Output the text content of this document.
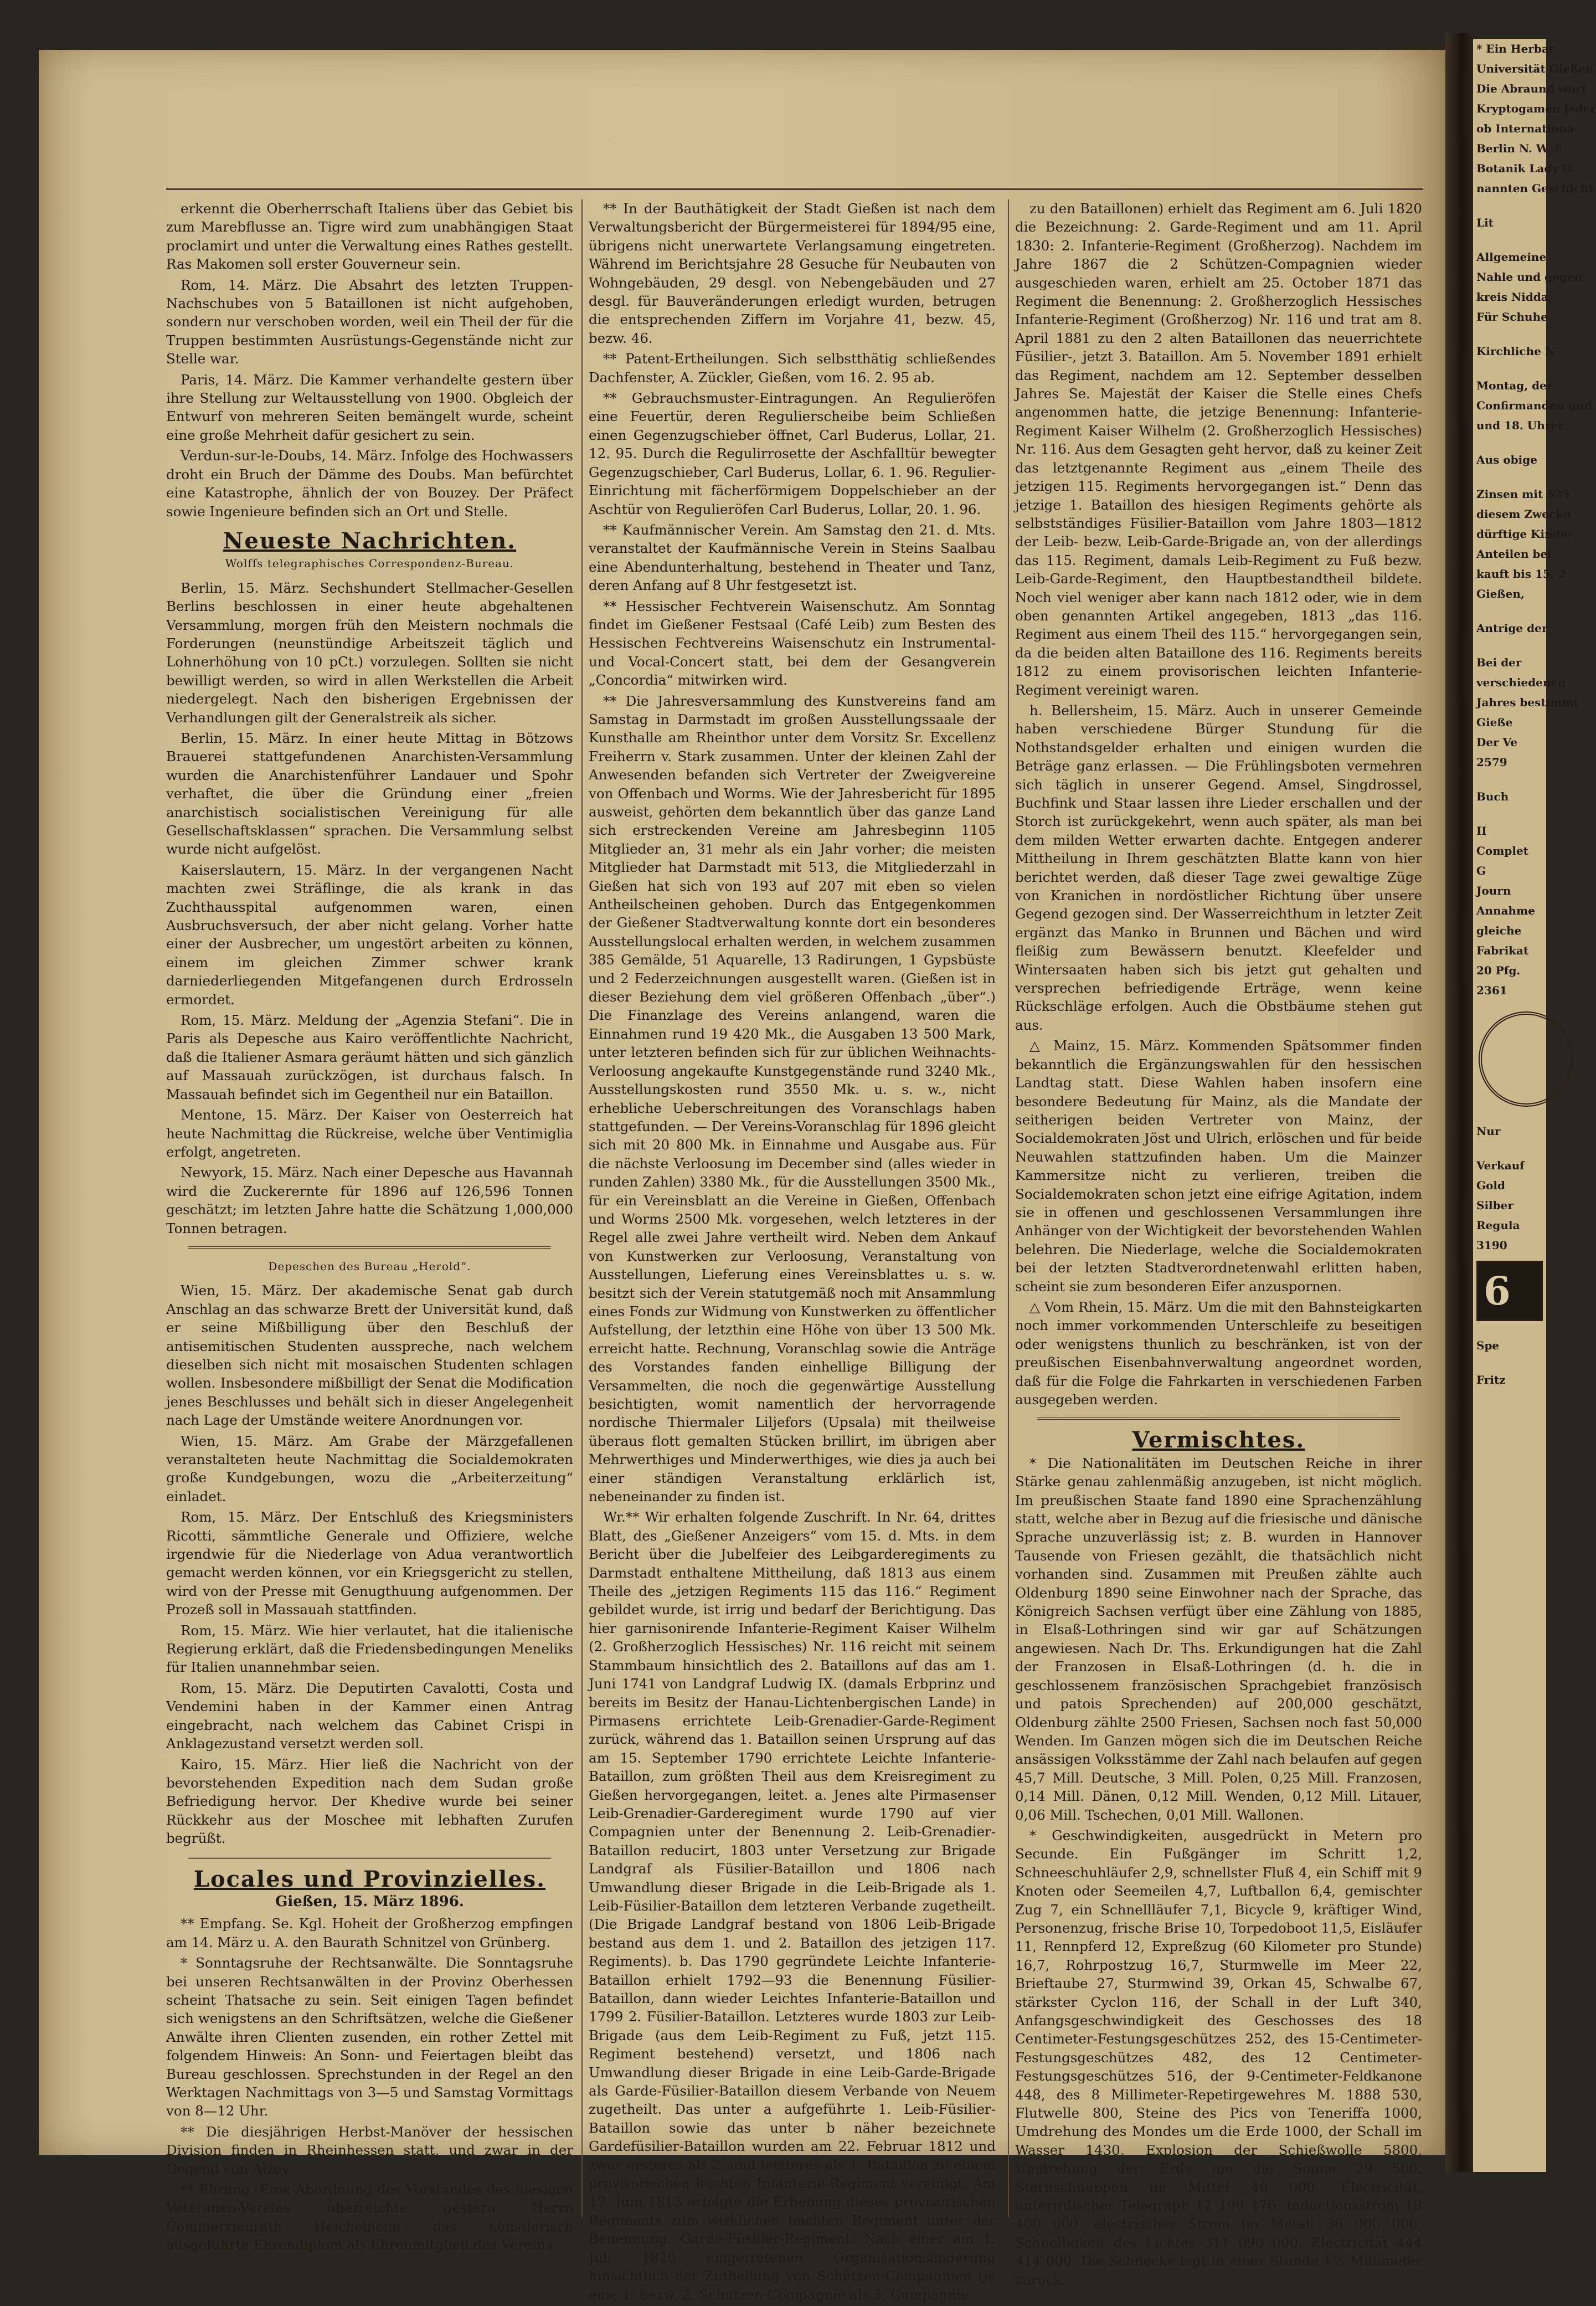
erkennt die Oberherrschaft Italiens über das Gebiet bis zum Marebflusse an. Tigre wird zum unabhängigen Staat proclamirt und unter die Verwaltung eines Rathes gestellt. Ras Makomen soll erster Gouverneur sein.

Rom, 14. März. Die Absahrt des letzten Truppen-Nachschubes von 5 Bataillonen ist nicht aufgehoben, sondern nur verschoben worden, weil ein Theil der für die Truppen bestimmten Ausrüstungs-Gegenstände nicht zur Stelle war.

Paris, 14. März. Die Kammer verhandelte gestern über ihre Stellung zur Weltausstellung von 1900. Obgleich der Entwurf von mehreren Seiten bemängelt wurde, scheint eine große Mehrheit dafür gesichert zu sein.

Verdun-sur-le-Doubs, 14. März. Infolge des Hochwassers droht ein Bruch der Dämme des Doubs. Man befürchtet eine Katastrophe, ähnlich der von Bouzey. Der Präfect sowie Ingenieure befinden sich an Ort und Stelle.

Neueste Nachrichten.
Wolffs telegraphisches Correspondenz-Bureau.

Berlin, 15. März. Sechshundert Stellmacher-Gesellen Berlins beschlossen in einer heute abgehaltenen Versammlung, morgen früh den Meistern nochmals die Forderungen (neunstündige Arbeitszeit täglich und Lohnerhöhung von 10 pCt.) vorzulegen. Sollten sie nicht bewilligt werden, so wird in allen Werkstellen die Arbeit niedergelegt. Nach den bisherigen Ergebnissen der Verhandlungen gilt der Generalstreik als sicher.

Berlin, 15. März. In einer heute Mittag in Bötzows Brauerei stattgefundenen Anarchisten-Versammlung wurden die Anarchistenführer Landauer und Spohr verhaftet, die über die Gründung einer „freien anarchistisch socialistischen Vereinigung für alle Gesellschaftsklassen“ sprachen. Die Versammlung selbst wurde nicht aufgelöst.

Kaiserslautern, 15. März. In der vergangenen Nacht machten zwei Sträflinge, die als krank in das Zuchthausspital aufgenommen waren, einen Ausbruchsversuch, der aber nicht gelang. Vorher hatte einer der Ausbrecher, um ungestört arbeiten zu können, einem im gleichen Zimmer schwer krank darniederliegenden Mitgefangenen durch Erdrosseln ermordet.

Rom, 15. März. Meldung der „Agenzia Stefani“. Die in Paris als Depesche aus Kairo veröffentlichte Nachricht, daß die Italiener Asmara geräumt hätten und sich gänzlich auf Massauah zurückzögen, ist durchaus falsch. In Massauah befindet sich im Gegentheil nur ein Bataillon.

Mentone, 15. März. Der Kaiser von Oesterreich hat heute Nachmittag die Rückreise, welche über Ventimiglia erfolgt, angetreten.

Newyork, 15. März. Nach einer Depesche aus Havannah wird die Zuckerernte für 1896 auf 126,596 Tonnen geschätzt; im letzten Jahre hatte die Schätzung 1,000,000 Tonnen betragen.

Depeschen des Bureau „Herold“.

Wien, 15. März. Der akademische Senat gab durch Anschlag an das schwarze Brett der Universität kund, daß er seine Mißbilligung über den Beschluß der antisemitischen Studenten ausspreche, nach welchem dieselben sich nicht mit mosaischen Studenten schlagen wollen. Insbesondere mißbilligt der Senat die Modification jenes Beschlusses und behält sich in dieser Angelegenheit nach Lage der Umstände weitere Anordnungen vor.

Wien, 15. März. Am Grabe der Märzgefallenen veranstalteten heute Nachmittag die Socialdemokraten große Kundgebungen, wozu die „Arbeiterzeitung“ einladet.

Rom, 15. März. Der Entschluß des Kriegsministers Ricotti, sämmtliche Generale und Offiziere, welche irgendwie für die Niederlage von Adua verantwortlich gemacht werden können, vor ein Kriegsgericht zu stellen, wird von der Presse mit Genugthuung aufgenommen. Der Prozeß soll in Massauah stattfinden.

Rom, 15. März. Wie hier verlautet, hat die italienische Regierung erklärt, daß die Friedensbedingungen Meneliks für Italien unannehmbar seien.

Rom, 15. März. Die Deputirten Cavalotti, Costa und Vendemini haben in der Kammer einen Antrag eingebracht, nach welchem das Cabinet Crispi in Anklagezustand versetzt werden soll.

Kairo, 15. März. Hier ließ die Nachricht von der bevorstehenden Expedition nach dem Sudan große Befriedigung hervor. Der Khedive wurde bei seiner Rückkehr aus der Moschee mit lebhaften Zurufen begrüßt.

Locales und Provinzielles.
Gießen, 15. März 1896.

** Empfang. Se. Kgl. Hoheit der Großherzog empfingen am 14. März u. A. den Baurath Schnitzel von Grünberg.

* Sonntagsruhe der Rechtsanwälte. Die Sonntagsruhe bei unseren Rechtsanwälten in der Provinz Oberhessen scheint Thatsache zu sein. Seit einigen Tagen befindet sich wenigstens an den Schriftsätzen, welche die Gießener Anwälte ihren Clienten zusenden, ein rother Zettel mit folgendem Hinweis: An Sonn- und Feiertagen bleibt das Bureau geschlossen. Sprechstunden in der Regel an den Werktagen Nachmittags von 3—5 und Samstag Vormittags von 8—12 Uhr.

** Die diesjährigen Herbst-Manöver der hessischen Division finden in Rheinhessen statt, und zwar in der Gegend von Alzey.

** Ehrung. Eine Abordnung des Vorstandes des hiesigen Veteranen-Vereins überreichte gestern Herrn Commerzienrath Heichelheim das künstlerisch ausgeführte Ehrendiplom als Ehrenmitglied des Vereins.

** In der Bauthätigkeit der Stadt Gießen ist nach dem Verwaltungsbericht der Bürgermeisterei für 1894/95 eine, übrigens nicht unerwartete Verlangsamung eingetreten. Während im Berichtsjahre 28 Gesuche für Neubauten von Wohngebäuden, 29 desgl. von Nebengebäuden und 27 desgl. für Bauveränderungen erledigt wurden, betrugen die entsprechenden Ziffern im Vorjahre 41, bezw. 45, bezw. 46.

** Patent-Ertheilungen. Sich selbstthätig schließendes Dachfenster, A. Zückler, Gießen, vom 16. 2. 95 ab.

** Gebrauchsmuster-Eintragungen. An Regulieröfen eine Feuertür, deren Regulierscheibe beim Schließen einen Gegenzugschieber öffnet, Carl Buderus, Lollar, 21. 12. 95. Durch die Regulirrosette der Aschfalltür bewegter Gegenzugschieber, Carl Buderus, Lollar, 6. 1. 96. Regulier-Einrichtung mit fächerförmigem Doppelschieber an der Aschtür von Regulieröfen Carl Buderus, Lollar, 20. 1. 96.

** Kaufmännischer Verein. Am Samstag den 21. d. Mts. veranstaltet der Kaufmännische Verein in Steins Saalbau eine Abendunterhaltung, bestehend in Theater und Tanz, deren Anfang auf 8 Uhr festgesetzt ist.

** Hessischer Fechtverein Waisenschutz. Am Sonntag findet im Gießener Festsaal (Café Leib) zum Besten des Hessischen Fechtvereins Waisenschutz ein Instrumental- und Vocal-Concert statt, bei dem der Gesangverein „Concordia“ mitwirken wird.

** Die Jahresversammlung des Kunstvereins fand am Samstag in Darmstadt im großen Ausstellungssaale der Kunsthalle am Rheinthor unter dem Vorsitz Sr. Excellenz Freiherrn v. Stark zusammen. Unter der kleinen Zahl der Anwesenden befanden sich Vertreter der Zweigvereine von Offenbach und Worms. Wie der Jahresbericht für 1895 ausweist, gehörten dem bekanntlich über das ganze Land sich erstreckenden Vereine am Jahresbeginn 1105 Mitglieder an, 31 mehr als ein Jahr vorher; die meisten Mitglieder hat Darmstadt mit 513, die Mitgliederzahl in Gießen hat sich von 193 auf 207 mit eben so vielen Antheilscheinen gehoben. Durch das Entgegenkommen der Gießener Stadtverwaltung konnte dort ein besonderes Ausstellungslocal erhalten werden, in welchem zusammen 385 Gemälde, 51 Aquarelle, 13 Radirungen, 1 Gypsbüste und 2 Federzeichnungen ausgestellt waren. (Gießen ist in dieser Beziehung dem viel größeren Offenbach „über“.) Die Finanzlage des Vereins anlangend, waren die Einnahmen rund 19 420 Mk., die Ausgaben 13 500 Mark, unter letzteren befinden sich für zur üblichen Weihnachts-Verloosung angekaufte Kunstgegenstände rund 3240 Mk., Ausstellungskosten rund 3550 Mk. u. s. w., nicht erhebliche Ueberschreitungen des Voranschlags haben stattgefunden. — Der Vereins-Voranschlag für 1896 gleicht sich mit 20 800 Mk. in Einnahme und Ausgabe aus. Für die nächste Verloosung im December sind (alles wieder in runden Zahlen) 3380 Mk., für die Ausstellungen 3500 Mk., für ein Vereinsblatt an die Vereine in Gießen, Offenbach und Worms 2500 Mk. vorgesehen, welch letzteres in der Regel alle zwei Jahre vertheilt wird. Neben dem Ankauf von Kunstwerken zur Verloosung, Veranstaltung von Ausstellungen, Lieferung eines Vereinsblattes u. s. w. besitzt sich der Verein statutgemäß noch mit Ansammlung eines Fonds zur Widmung von Kunstwerken zu öffentlicher Aufstellung, der letzthin eine Höhe von über 13 500 Mk. erreicht hatte. Rechnung, Voranschlag sowie die Anträge des Vorstandes fanden einhellige Billigung der Versammelten, die noch die gegenwärtige Ausstellung besichtigten, womit namentlich der hervorragende nordische Thiermaler Liljefors (Upsala) mit theilweise überaus flott gemalten Stücken brillirt, im übrigen aber Mehrwerthiges und Minderwerthiges, wie dies ja auch bei einer ständigen Veranstaltung erklärlich ist, nebeneinander zu finden ist.

Wr.** Wir erhalten folgende Zuschrift. In Nr. 64, drittes Blatt, des „Gießener Anzeigers“ vom 15. d. Mts. in dem Bericht über die Jubelfeier des Leibgarderegiments zu Darmstadt enthaltene Mittheilung, daß 1813 aus einem Theile des „jetzigen Regiments 115 das 116.“ Regiment gebildet wurde, ist irrig und bedarf der Berichtigung. Das hier garnisonirende Infanterie-Regiment Kaiser Wilhelm (2. Großherzoglich Hessisches) Nr. 116 reicht mit seinem Stammbaum hinsichtlich des 2. Bataillons auf das am 1. Juni 1741 von Landgraf Ludwig IX. (damals Erbprinz und bereits im Besitz der Hanau-Lichtenbergischen Lande) in Pirmasens errichtete Leib-Grenadier-Garde-Regiment zurück, während das 1. Bataillon seinen Ursprung auf das am 15. September 1790 errichtete Leichte Infanterie-Bataillon, zum größten Theil aus dem Kreisregiment zu Gießen hervorgegangen, leitet. a. Jenes alte Pirmasenser Leib-Grenadier-Garderegiment wurde 1790 auf vier Compagnien unter der Benennung 2. Leib-Grenadier-Bataillon reducirt, 1803 unter Versetzung zur Brigade Landgraf als Füsilier-Bataillon und 1806 nach Umwandlung dieser Brigade in die Leib-Brigade als 1. Leib-Füsilier-Bataillon dem letzteren Verbande zugetheilt. (Die Brigade Landgraf bestand von 1806 Leib-Brigade bestand aus dem 1. und 2. Bataillon des jetzigen 117. Regiments). b. Das 1790 gegründete Leichte Infanterie-Bataillon erhielt 1792—93 die Benennung Füsilier-Bataillon, dann wieder Leichtes Infanterie-Bataillon und 1799 2. Füsilier-Bataillon. Letzteres wurde 1803 zur Leib-Brigade (aus dem Leib-Regiment zu Fuß, jetzt 115. Regiment bestehend) versetzt, und 1806 nach Umwandlung dieser Brigade in eine Leib-Garde-Brigade als Garde-Füsilier-Bataillon diesem Verbande von Neuem zugetheilt. Das unter a aufgeführte 1. Leib-Füsilier-Bataillon sowie das unter b näher bezeichnete Gardefüsilier-Bataillon wurden am 22. Februar 1812 und zwar ersteres als 2. und letzteres als 1. Bataillon zu einem provisorischen leichten Infanterie-Regiment vereinigt. Am 17. Juni 1813 erfolgte die Erhebung dieses provisorischen Regiments zum wirklichen leichten Regiment unter der Benennung: Garde-Füsilier-Regiment. Nach einer am 1. Juli 1820 eingetretenen Organisationsänderung hinsichtlich der Zutheilung von Schützen-Compagnien (je eine 1. bezw. 2. Schützen-Compagnie als 5. Compagnie

zu den Bataillonen) erhielt das Regiment am 6. Juli 1820 die Bezeichnung: 2. Garde-Regiment und am 11. April 1830: 2. Infanterie-Regiment (Großherzog). Nachdem im Jahre 1867 die 2 Schützen-Compagnien wieder ausgeschieden waren, erhielt am 25. October 1871 das Regiment die Benennung: 2. Großherzoglich Hessisches Infanterie-Regiment (Großherzog) Nr. 116 und trat am 8. April 1881 zu den 2 alten Bataillonen das neuerrichtete Füsilier-, jetzt 3. Bataillon. Am 5. November 1891 erhielt das Regiment, nachdem am 12. September desselben Jahres Se. Majestät der Kaiser die Stelle eines Chefs angenommen hatte, die jetzige Benennung: Infanterie-Regiment Kaiser Wilhelm (2. Großherzoglich Hessisches) Nr. 116. Aus dem Gesagten geht hervor, daß zu keiner Zeit das letztgenannte Regiment aus „einem Theile des jetzigen 115. Regiments hervorgegangen ist.“ Denn das jetzige 1. Bataillon des hiesigen Regiments gehörte als selbstständiges Füsilier-Bataillon vom Jahre 1803—1812 der Leib- bezw. Leib-Garde-Brigade an, von der allerdings das 115. Regiment, damals Leib-Regiment zu Fuß bezw. Leib-Garde-Regiment, den Hauptbestandtheil bildete. Noch viel weniger aber kann nach 1812 oder, wie in dem oben genannten Artikel angegeben, 1813 „das 116. Regiment aus einem Theil des 115.“ hervorgegangen sein, da die beiden alten Bataillone des 116. Regiments bereits 1812 zu einem provisorischen leichten Infanterie-Regiment vereinigt waren.

h. Bellersheim, 15. März. Auch in unserer Gemeinde haben verschiedene Bürger Stundung für die Nothstandsgelder erhalten und einigen wurden die Beträge ganz erlassen. — Die Frühlingsboten vermehren sich täglich in unserer Gegend. Amsel, Singdrossel, Buchfink und Staar lassen ihre Lieder erschallen und der Storch ist zurückgekehrt, wenn auch später, als man bei dem milden Wetter erwarten dachte. Entgegen anderer Mittheilung in Ihrem geschätzten Blatte kann von hier berichtet werden, daß dieser Tage zwei gewaltige Züge von Kranichen in nordöstlicher Richtung über unsere Gegend gezogen sind. Der Wasserreichthum in letzter Zeit ergänzt das Manko in Brunnen und Bächen und wird fleißig zum Bewässern benutzt. Kleefelder und Wintersaaten haben sich bis jetzt gut gehalten und versprechen befriedigende Erträge, wenn keine Rückschläge erfolgen. Auch die Obstbäume stehen gut aus.

△ Mainz, 15. März. Kommenden Spätsommer finden bekanntlich die Ergänzungswahlen für den hessischen Landtag statt. Diese Wahlen haben insofern eine besondere Bedeutung für Mainz, als die Mandate der seitherigen beiden Vertreter von Mainz, der Socialdemokraten Jöst und Ulrich, erlöschen und für beide Neuwahlen stattzufinden haben. Um die Mainzer Kammersitze nicht zu verlieren, treiben die Socialdemokraten schon jetzt eine eifrige Agitation, indem sie in offenen und geschlossenen Versammlungen ihre Anhänger von der Wichtigkeit der bevorstehenden Wahlen belehren. Die Niederlage, welche die Socialdemokraten bei der letzten Stadtverordnetenwahl erlitten haben, scheint sie zum besonderen Eifer anzuspornen.

△ Vom Rhein, 15. März. Um die mit den Bahnsteigkarten noch immer vorkommenden Unterschleife zu beseitigen oder wenigstens thunlich zu beschränken, ist von der preußischen Eisenbahnverwaltung angeordnet worden, daß für die Folge die Fahrkarten in verschiedenen Farben ausgegeben werden.

Vermischtes.

* Die Nationalitäten im Deutschen Reiche in ihrer Stärke genau zahlenmäßig anzugeben, ist nicht möglich. Im preußischen Staate fand 1890 eine Sprachenzählung statt, welche aber in Bezug auf die friesische und dänische Sprache unzuverlässig ist; z. B. wurden in Hannover Tausende von Friesen gezählt, die thatsächlich nicht vorhanden sind. Zusammen mit Preußen zählte auch Oldenburg 1890 seine Einwohner nach der Sprache, das Königreich Sachsen verfügt über eine Zählung von 1885, in Elsaß-Lothringen sind wir gar auf Schätzungen angewiesen. Nach Dr. Ths. Erkundigungen hat die Zahl der Franzosen in Elsaß-Lothringen (d. h. die in geschlossenem französischen Sprachgebiet französisch und patois Sprechenden) auf 200,000 geschätzt, Oldenburg zählte 2500 Friesen, Sachsen noch fast 50,000 Wenden. Im Ganzen mögen sich die im Deutschen Reiche ansässigen Volksstämme der Zahl nach belaufen auf gegen 45,7 Mill. Deutsche, 3 Mill. Polen, 0,25 Mill. Franzosen, 0,14 Mill. Dänen, 0,12 Mill. Wenden, 0,12 Mill. Litauer, 0,06 Mill. Tschechen, 0,01 Mill. Wallonen.

* Geschwindigkeiten, ausgedrückt in Metern pro Secunde. Ein Fußgänger im Schritt 1,2, Schneeschuhläufer 2,9, schnellster Fluß 4, ein Schiff mit 9 Knoten oder Seemeilen 4,7, Luftballon 6,4, gemischter Zug 7, ein Schnellläufer 7,1, Bicycle 9, kräftiger Wind, Personenzug, frische Brise 10, Torpedoboot 11,5, Eisläufer 11, Rennpferd 12, Expreßzug (60 Kilometer pro Stunde) 16,7, Rohrpostzug 16,7, Sturmwelle im Meer 22, Brieftaube 27, Sturmwind 39, Orkan 45, Schwalbe 67, stärkster Cyclon 116, der Schall in der Luft 340, Anfangsgeschwindigkeit des Geschosses des 18 Centimeter-Festungsgeschützes 252, des 15-Centimeter-Festungsgeschützes 482, des 12 Centimeter-Festungsgeschützes 516, der 9-Centimeter-Feldkanone 448, des 8 Millimeter-Repetirgewehres M. 1888 530, Flutwelle 800, Steine des Pics von Teneriffa 1000, Umdrehung des Mondes um die Erde 1000, der Schall im Wasser 1430, Explosion der Schießwolle 5800, Umdrehung der Erde um die Sonne 29 500, Sternschnuppen im Mittel 40 000, Electricität, unterirdischer Telegraph 12 190 476, Inductionsstrom 18 400 000, electrischer Strom im Metall 36 000 000, Schnelligkeit des Lichtes 311 090 000, Electricität 444 414 000. Die Schnecke legt in einer Stunde 1½ Millimeter zurück.

* Ein Herbar
Universität Gießen
Die Abraund wurf
Kryptogamen jeder
ob Internationa
Berlin N. W. 6
Botanik Lady D.
nannten Geschicht
Lit
Allgemeine
Nahle und gegen
kreis Nidda,
Für Schuhe
Kirchliche N
Montag, der
Confirmanden und
und 18. Uhrer
Aus obige
Zinsen mit 525
diesem Zwecke
dürftige Kinder
Anteilen bei
kauft bis 15. 2
Gießen,
Antrige der
Bei der
verschiedenen
Jahres bestimmt
Gieße
Der Ve
2579
Buch
II
Complet
G
Journ
Annahme
gleiche
Fabrikat
20 Pfg.
2361
Nur
Verkauf
Gold
Silber
Regula
3190
6
Spe
Fritz
